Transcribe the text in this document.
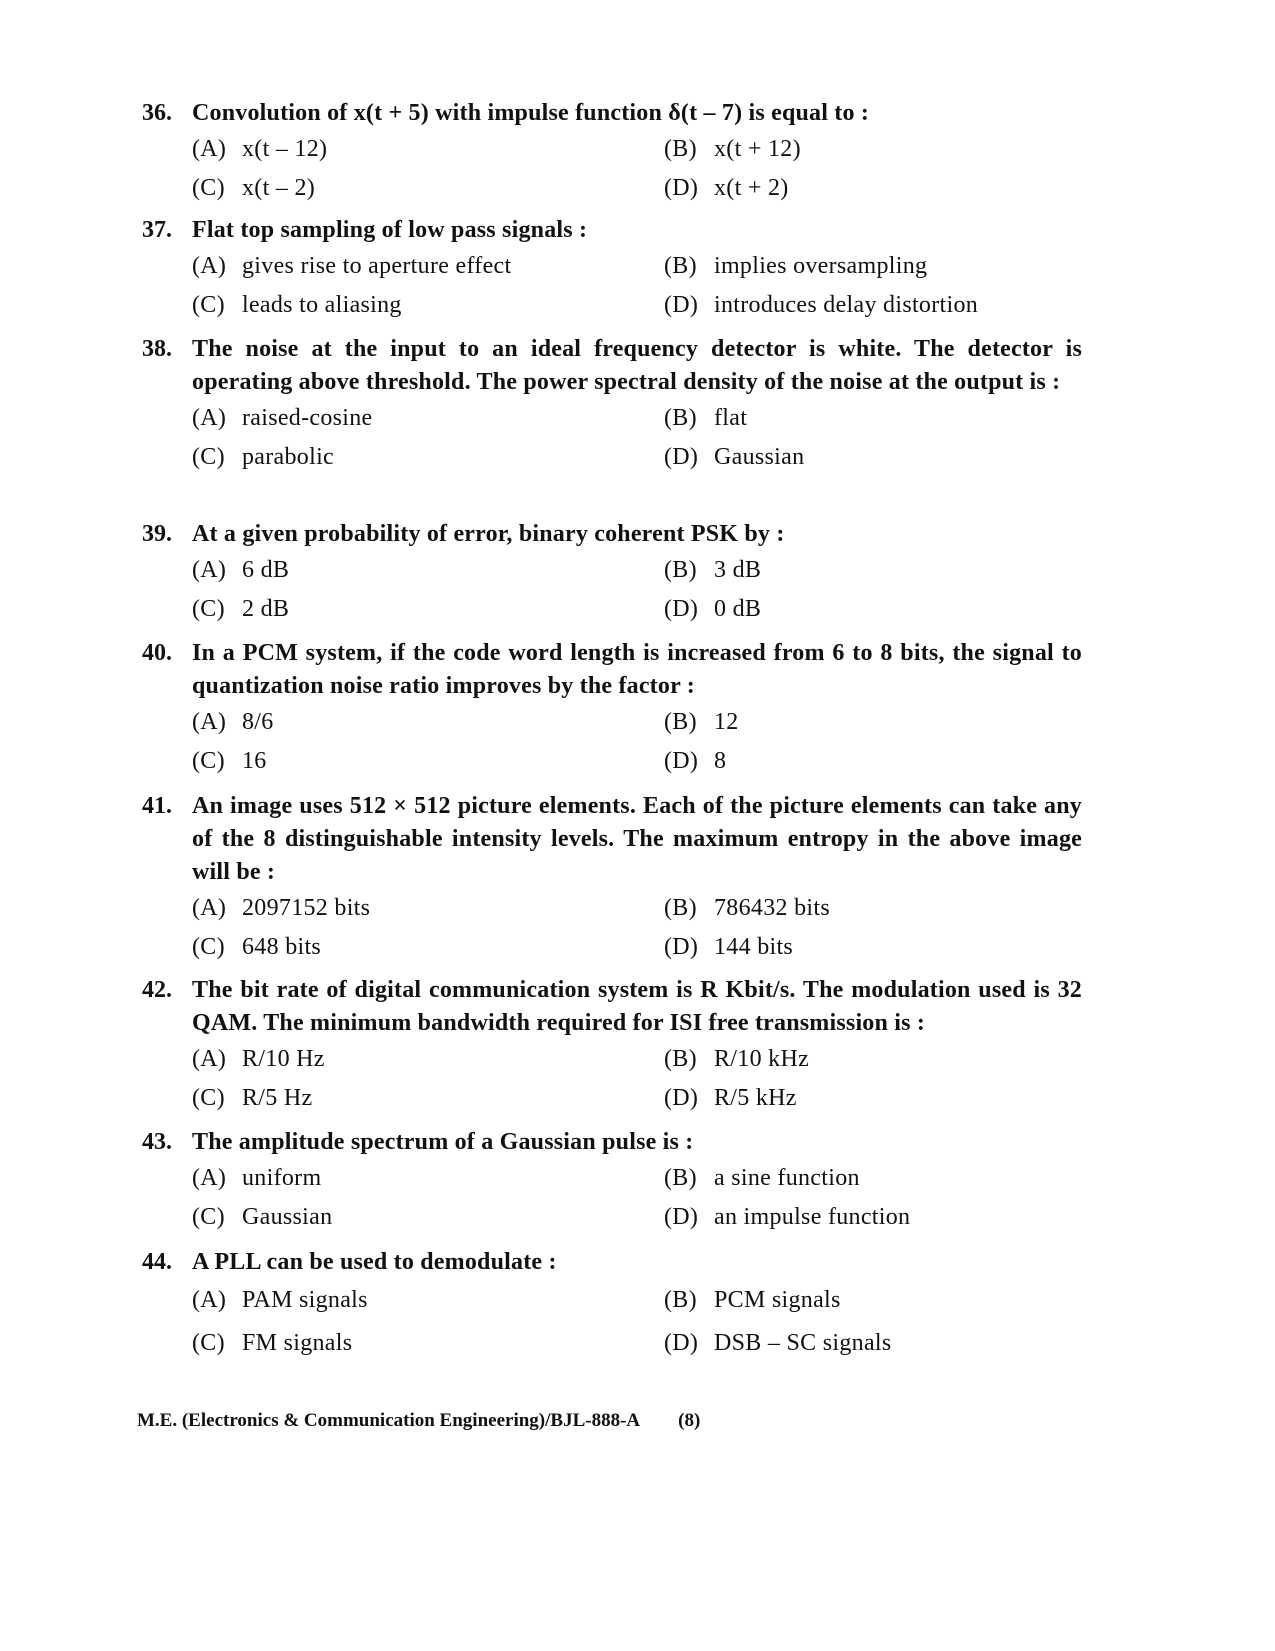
36. Convolution of x(t + 5) with impulse function δ(t – 7) is equal to :
(A) x(t – 12)	(B) x(t + 12)
(C) x(t – 2)	(D) x(t + 2)
37. Flat top sampling of low pass signals :
(A) gives rise to aperture effect	(B) implies oversampling
(C) leads to aliasing	(D) introduces delay distortion
38. The noise at the input to an ideal frequency detector is white. The detector is operating above threshold. The power spectral density of the noise at the output is :
(A) raised-cosine	(B) flat
(C) parabolic	(D) Gaussian
39. At a given probability of error, binary coherent PSK by :
(A) 6 dB	(B) 3 dB
(C) 2 dB	(D) 0 dB
40. In a PCM system, if the code word length is increased from 6 to 8 bits, the signal to quantization noise ratio improves by the factor :
(A) 8/6	(B) 12
(C) 16	(D) 8
41. An image uses 512 × 512 picture elements. Each of the picture elements can take any of the 8 distinguishable intensity levels. The maximum entropy in the above image will be :
(A) 2097152 bits	(B) 786432 bits
(C) 648 bits	(D) 144 bits
42. The bit rate of digital communication system is R Kbit/s. The modulation used is 32 QAM. The minimum bandwidth required for ISI free transmission is :
(A) R/10 Hz	(B) R/10 kHz
(C) R/5 Hz	(D) R/5 kHz
43. The amplitude spectrum of a Gaussian pulse is :
(A) uniform	(B) a sine function
(C) Gaussian	(D) an impulse function
44. A PLL can be used to demodulate :
(A) PAM signals	(B) PCM signals
(C) FM signals	(D) DSB – SC signals
M.E. (Electronics & Communication Engineering)/BJL-888-A (8)
